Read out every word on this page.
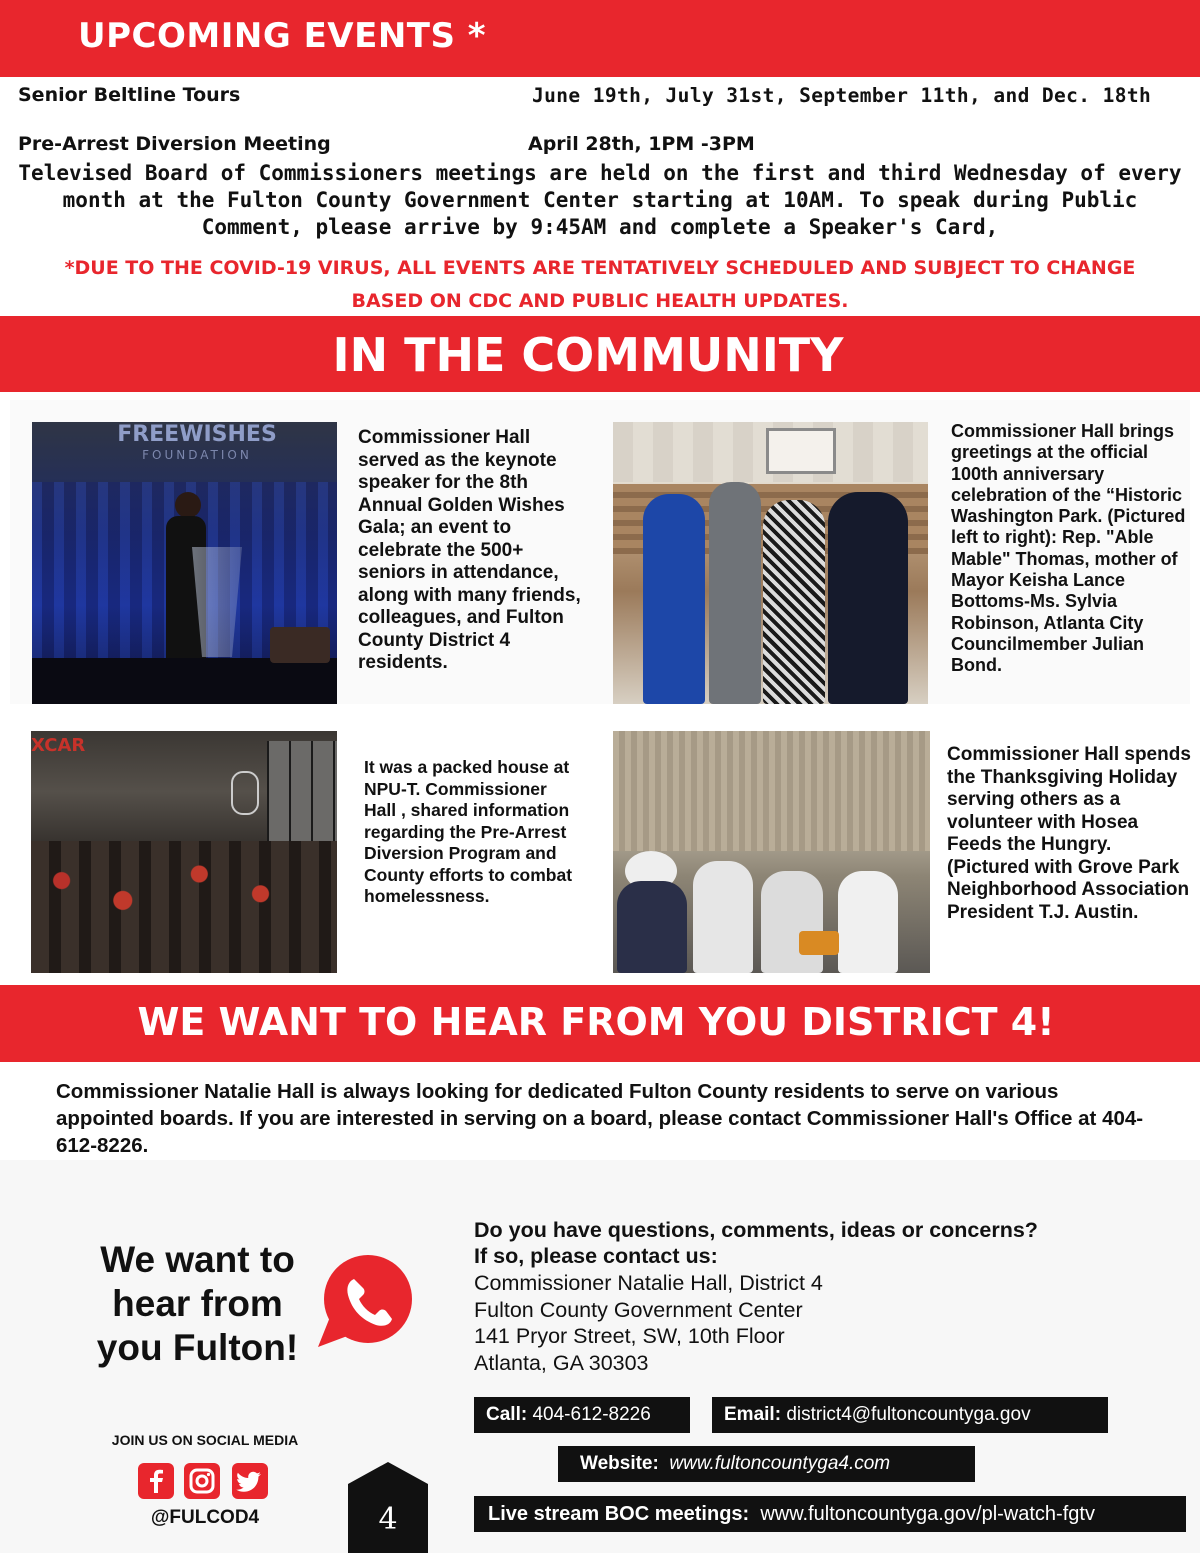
UPCOMING EVENTS *
Senior Beltline Tours	June 19th, July 31st, September 11th, and Dec. 18th
Pre-Arrest Diversion Meeting	April 28th, 1PM -3PM
Televised Board of Commissioners meetings are held on the first and third Wednesday of every month at the Fulton County Government Center starting at 10AM. To speak during Public Comment, please arrive by 9:45AM and complete a Speaker's Card,
*DUE TO THE COVID-19 VIRUS, ALL EVENTS ARE TENTATIVELY SCHEDULED AND SUBJECT TO CHANGE
BASED ON CDC AND PUBLIC HEALTH UPDATES.
IN THE COMMUNITY
FREEWISHES
FOUNDATION
Commissioner Hall served as the keynote speaker for the 8th Annual Golden Wishes Gala; an event to celebrate the 500+ seniors in attendance, along with many friends, colleagues, and Fulton County District 4 residents.
Commissioner Hall brings greetings at the official 100th anniversary celebration of the “Historic Washington Park. (Pictured left to right): Rep. "Able Mable" Thomas, mother of Mayor Keisha Lance Bottoms-Ms. Sylvia Robinson, Atlanta City Councilmember Julian Bond.
XCAR
It was a packed house at NPU-T. Commissioner Hall , shared information regarding the Pre-Arrest Diversion Program and County efforts to combat homelessness.
Commissioner Hall spends the Thanksgiving Holiday serving others as a volunteer with Hosea Feeds the Hungry. (Pictured with Grove Park Neighborhood Association President T.J. Austin.
WE WANT TO HEAR FROM YOU DISTRICT 4!
Commissioner Natalie Hall is always looking for dedicated Fulton County residents to serve on various appointed boards. If you are interested in serving on a board, please contact Commissioner Hall's Office at 404-612-8226.
We want to hear from you Fulton!
JOIN US ON SOCIAL MEDIA
@FULCOD4	4
Do you have questions, comments, ideas or concerns?
If so, please contact us:
Commissioner Natalie Hall, District 4
Fulton County Government Center
141 Pryor Street, SW, 10th Floor
Atlanta, GA 30303
Call: 404-612-8226	Email: district4@fultoncountyga.gov
Website: www.fultoncountyga4.com
Live stream BOC meetings: www.fultoncountyga.gov/pl-watch-fgtv
